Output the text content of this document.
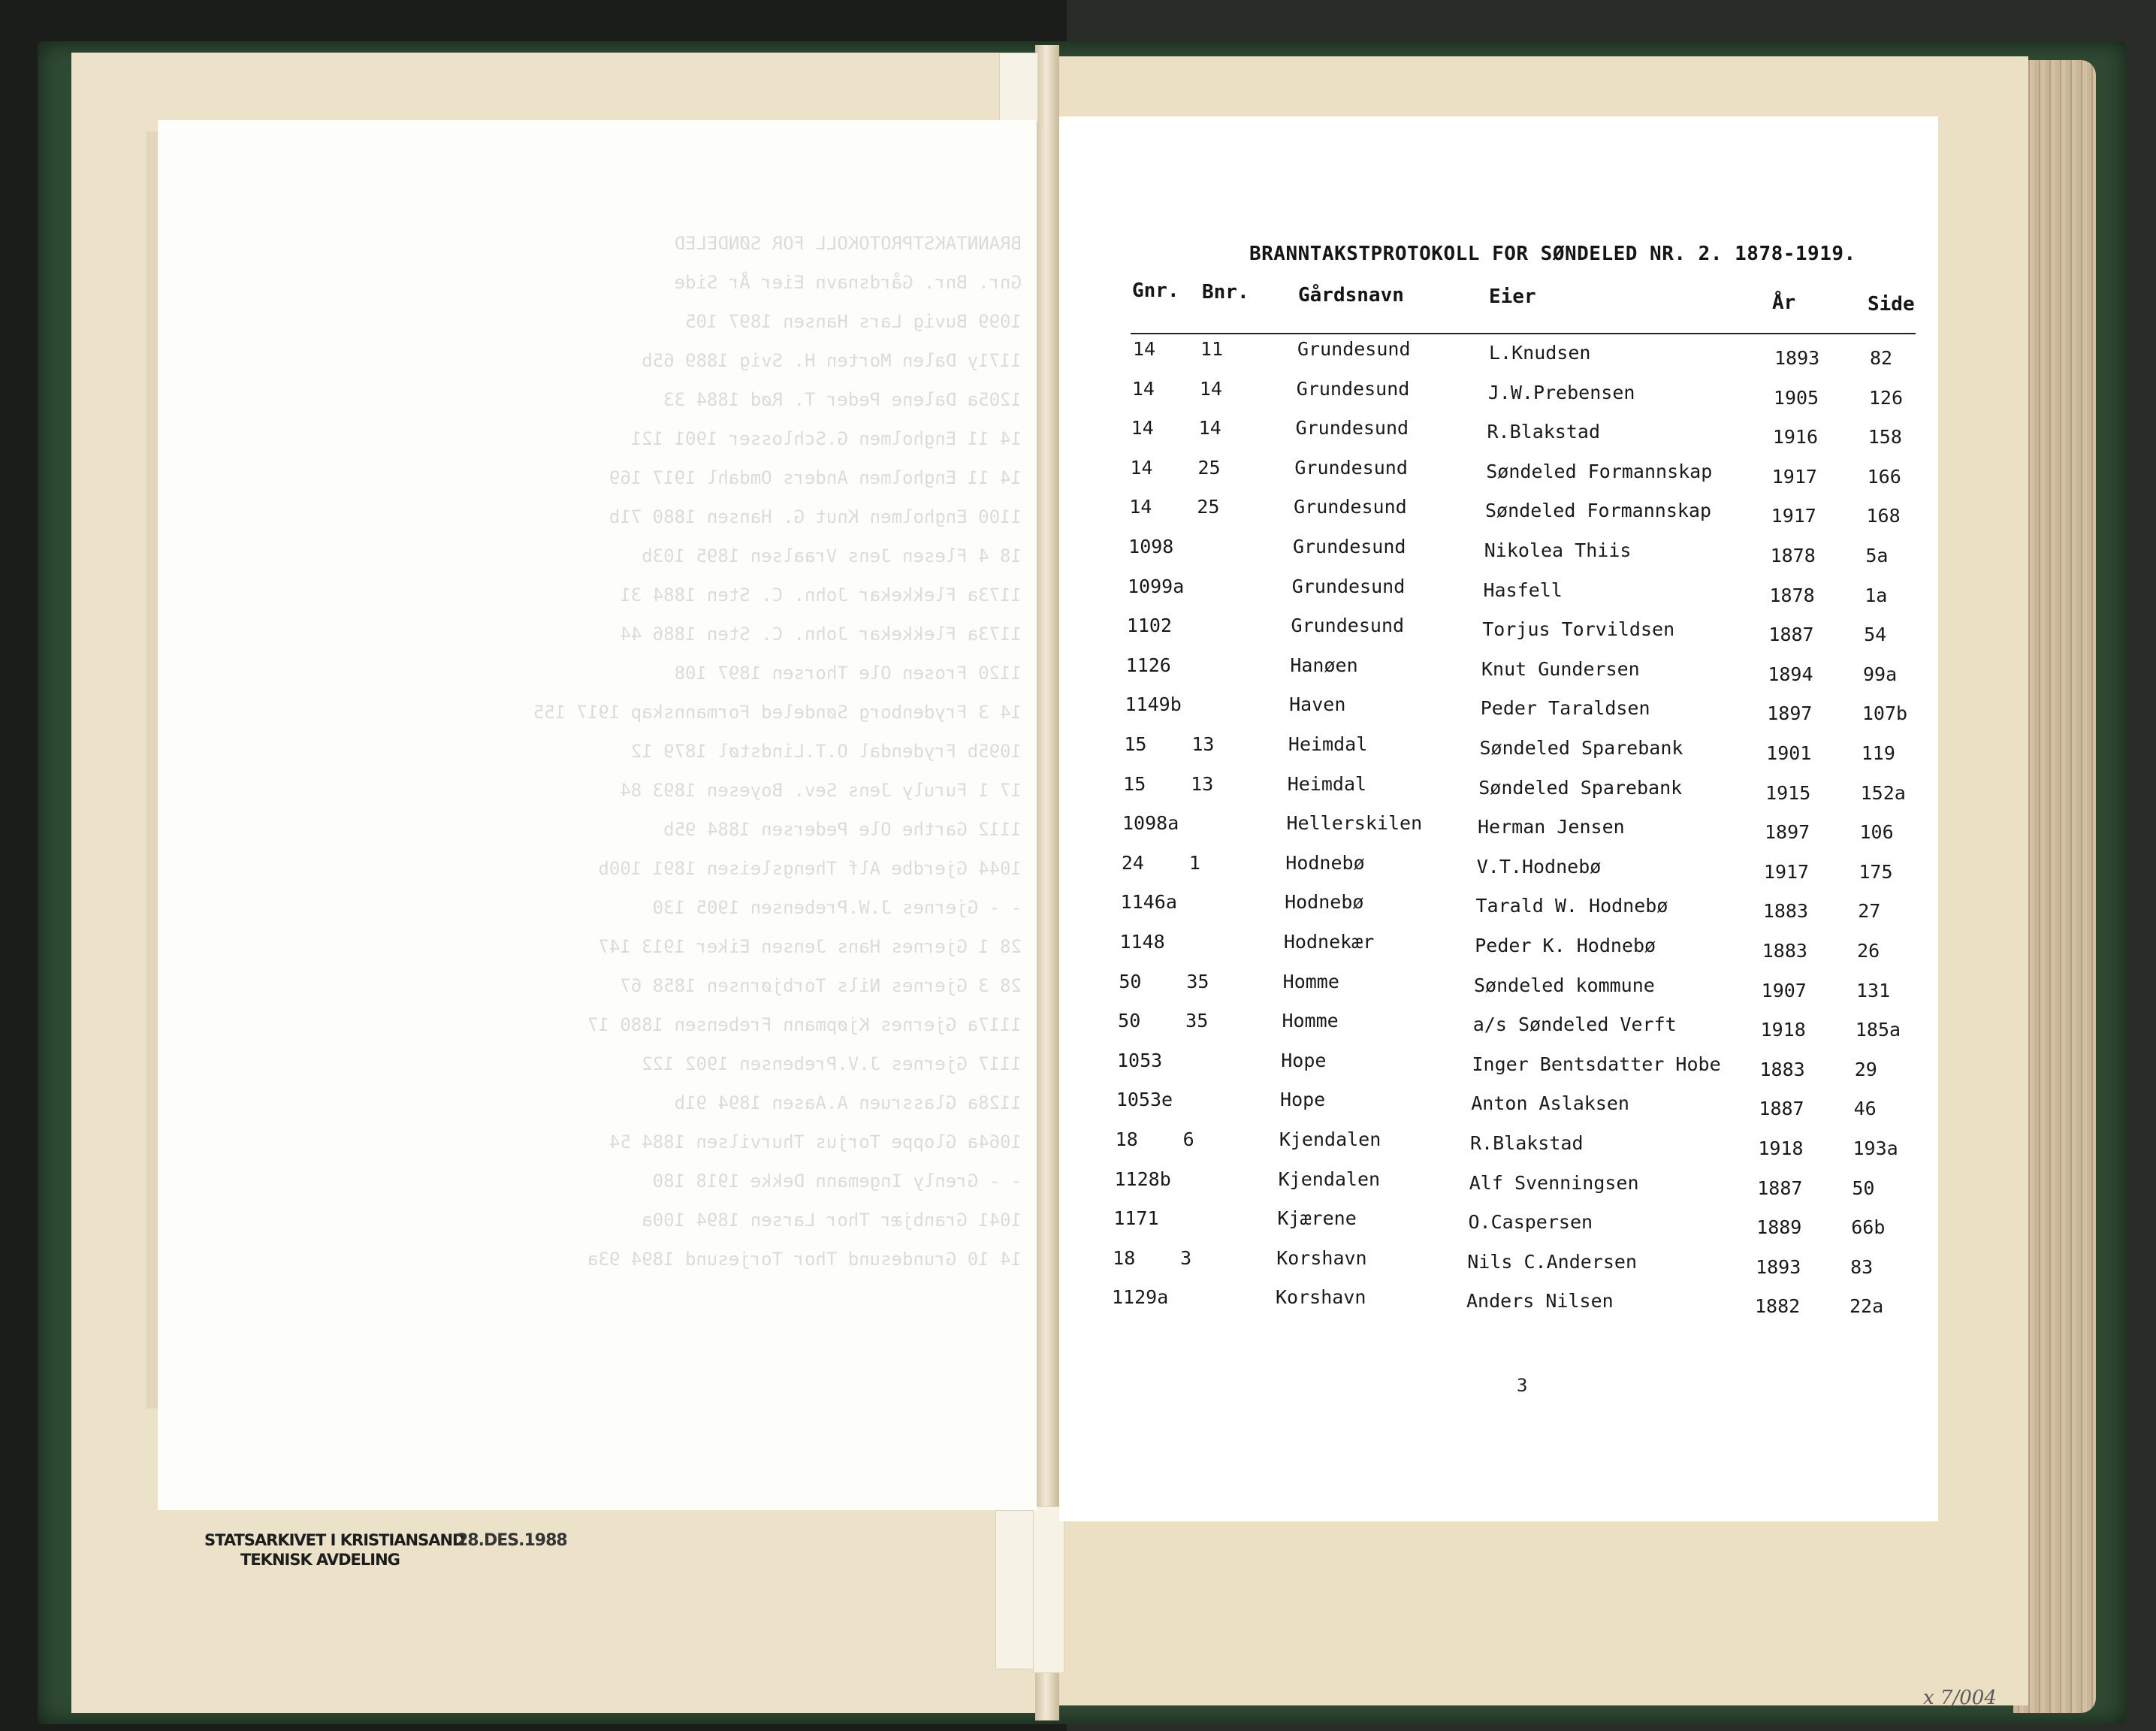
BRANNTAKSTPROTOKOLL FOR SØNDELED
Gnr. Bnr. Gårdsnavn Eier År Side
1099 Buvig Lars Hansen 1897 105
1171y Dalen Morten H. Svig 1889 65b
1205a Dalene Peder T. Rød 1884 33
14 11 Engholmen G.Schlosser 1901 121
14 11 Engholmen Anders Omdahl 1917 169
1100 Engholmen Knut G. Hansen 1880 71b
18 4 Flesen Jens Vraalsen 1895 103b
1173a Flekkekar John. C. Sten 1884 31
1173a Flekkekar John. C. Sten 1886 44
1120 Frosen Ole Thorsen 1897 108
14 3 Frydenborg Søndeled Formannskap 1917 155
1095b Frydendal O.T.Lindstøl 1879 12
17 1 Furuly Jens Sev. Boyesen 1893 84
1112 Garthe Ole Pedersen 1884 95b
1044 Gjerdbe Alf Thengsleisen 1891 100b
- - Gjernes J.W.Prebensen 1905 130
28 1 Gjernes Hans Jensen Eiker 1913 147
28 3 Gjernes Nils Torbjørnsen 1858 67
1117a Gjernes Kjøpmann Frebensen 1880 17
1117 Gjernes J.V.Prebensen 1902 122
1128a Glassruen A.Aasen 1894 91b
1064a Gloppe Torjus Thurvilsen 1884 54
- - Grenly Ingemann Dekke 1918 180
1041 Granbjær Thor Larsen 1894 100a
14 10 Grundesund Thor Torjesund 1894 93a
BRANNTAKSTPROTOKOLL FOR SØNDELED NR. 2. 1878-1919.
Gnr. Bnr.	Gårdsnavn	Eier	År	Side
14 11	Grundesund	L.Knudsen	1893	82
14 14	Grundesund	J.W.Prebensen	1905	126
14 14	Grundesund	R.Blakstad	1916	158
14 25	Grundesund	Søndeled Formannskap	1917	166
14 25	Grundesund	Søndeled Formannskap	1917	168
1098	Grundesund	Nikolea Thiis	1878	5a
1099a	Grundesund	Hasfell	1878	1a
1102	Grundesund	Torjus Torvildsen	1887	54
1126	Hanøen	Knut Gundersen	1894	99a
1149b	Haven	Peder Taraldsen	1897	107b
15 13	Heimdal	Søndeled Sparebank	1901	119
15 13	Heimdal	Søndeled Sparebank	1915	152a
1098a	Hellerskilen	Herman Jensen	1897	106
24 1	Hodnebø	V.T.Hodnebø	1917	175
1146a	Hodnebø	Tarald W. Hodnebø	1883	27
1148	Hodnekær	Peder K. Hodnebø	1883	26
50 35	Homme	Søndeled kommune	1907	131
50 35	Homme	a/s Søndeled Verft	1918	185a
1053	Hope	Inger Bentsdatter Hobe 1883	29
1053e	Hope	Anton Aslaksen	1887	46
18 6	Kjendalen	R.Blakstad	1918	193a
1128b	Kjendalen	Alf Svenningsen	1887	50
1171	Kjærene	O.Caspersen	1889	66b
18 3	Korshavn	Nils C.Andersen	1893	83
1129a	Korshavn	Anders Nilsen	1882	22a
3
STATSARKIVET I KRISTIANSAND
TEKNISK AVDELING
28.DES.1988
x 7/004
